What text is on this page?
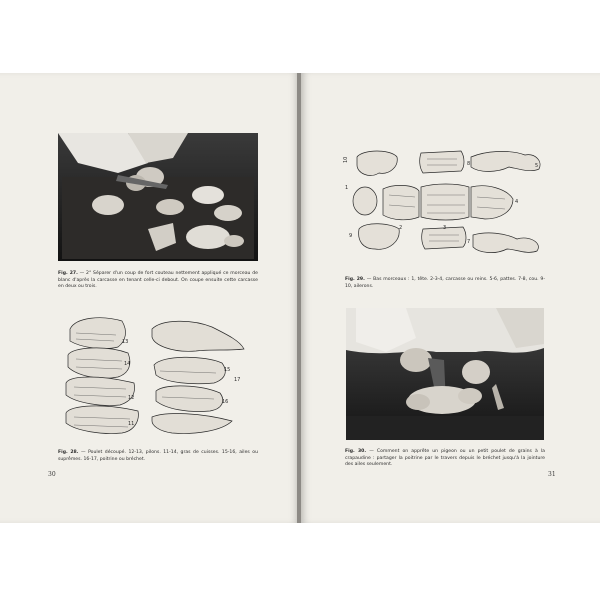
Fig. 27. — 2° Séparer d'un coup de fort couteau nettement appliqué ce morceau de blanc d'après la carcasse en tenant celle-ci debout. On coupe ensuite cette carcasse en deux ou trois.
13
14
15
16
12
11
17
Fig. 28. — Poulet découpé. 12-13, pilons. 11-14, gras de cuisses. 15-16, ailes ou suprêmes. 16-17, poitrine ou bréchet.
30
10
8
1
2	3
4
9
7
5
Fig. 29. — Bas morceaux : 1, tête. 2-3-4, carcasse ou reins. 5-6, pattes. 7-8, cou. 9-10, ailerons.
Fig. 30. — Comment on apprête un pigeon ou un petit poulet de grains à la crapaudine : partager la poitrine par le travers depuis le bréchet jusqu'à la jointure des ailes seulement.
31
